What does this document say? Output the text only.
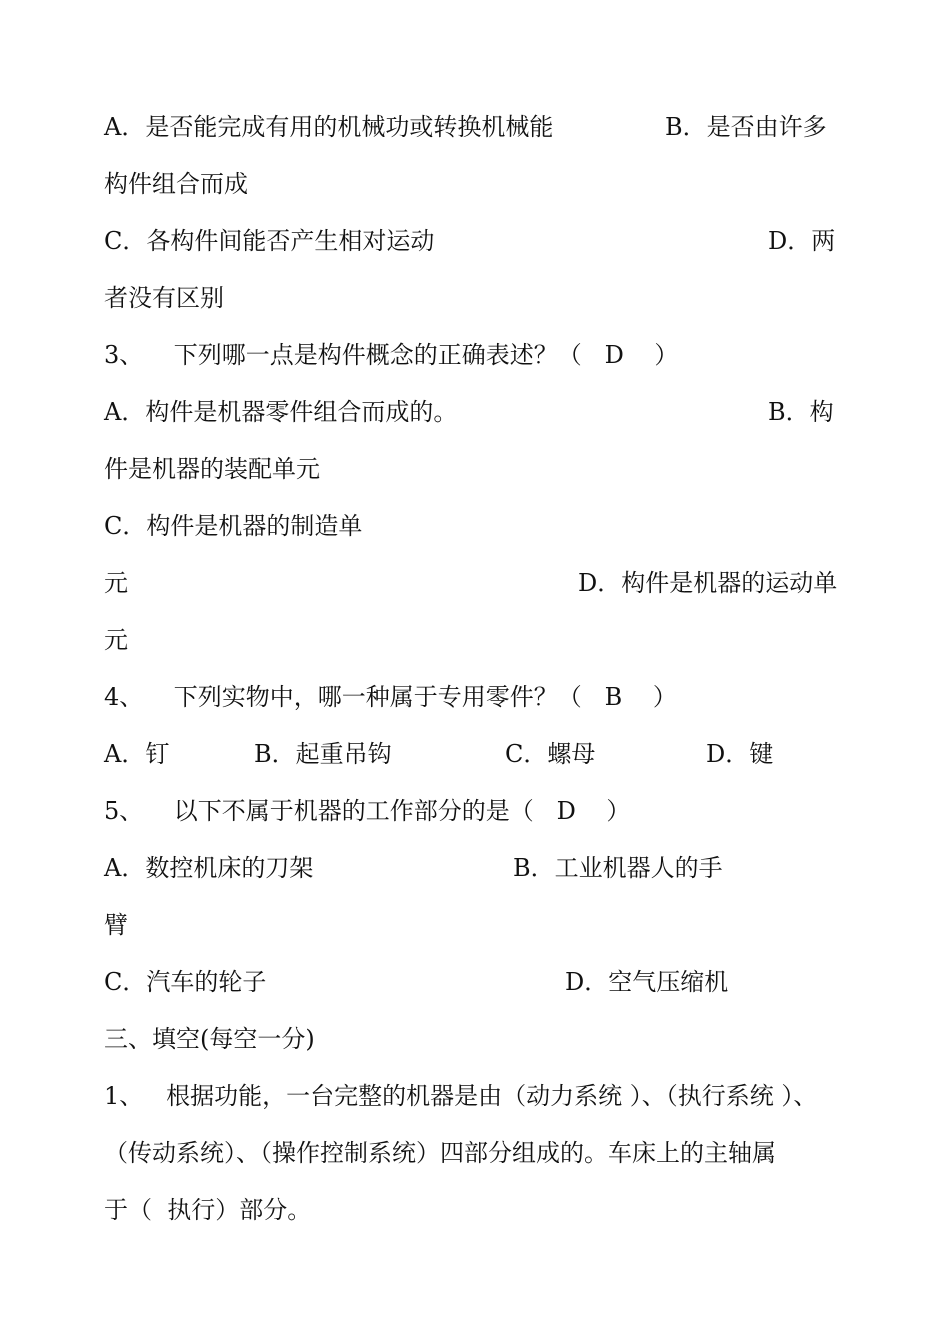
A．是否能完成有用的机械功或转换机械能	B．是否由许多
构件组合而成
C．各构件间能否产生相对运动	D．两
者没有区别
3、    下列哪一点是构件概念的正确表述？（   D    ）
A．构件是机器零件组合而成的。	B．构
件是机器的装配单元
C．构件是机器的制造单
元	D．构件是机器的运动单
元
4、    下列实物中，哪一种属于专用零件？（   B    ）
A．钉	B．起重吊钩	C．螺母	D．键
5、    以下不属于机器的工作部分的是（   D    ）
A．数控机床的刀架	B．工业机器人的手
臂
C．汽车的轮子	D．空气压缩机
三、填空(每空一分)
1、   根据功能，一台完整的机器是由（动力系统 ）、（执行系统 ）、
（传动系统）、（操作控制系统）四部分组成的。车床上的主轴属
于（  执行）部分。
